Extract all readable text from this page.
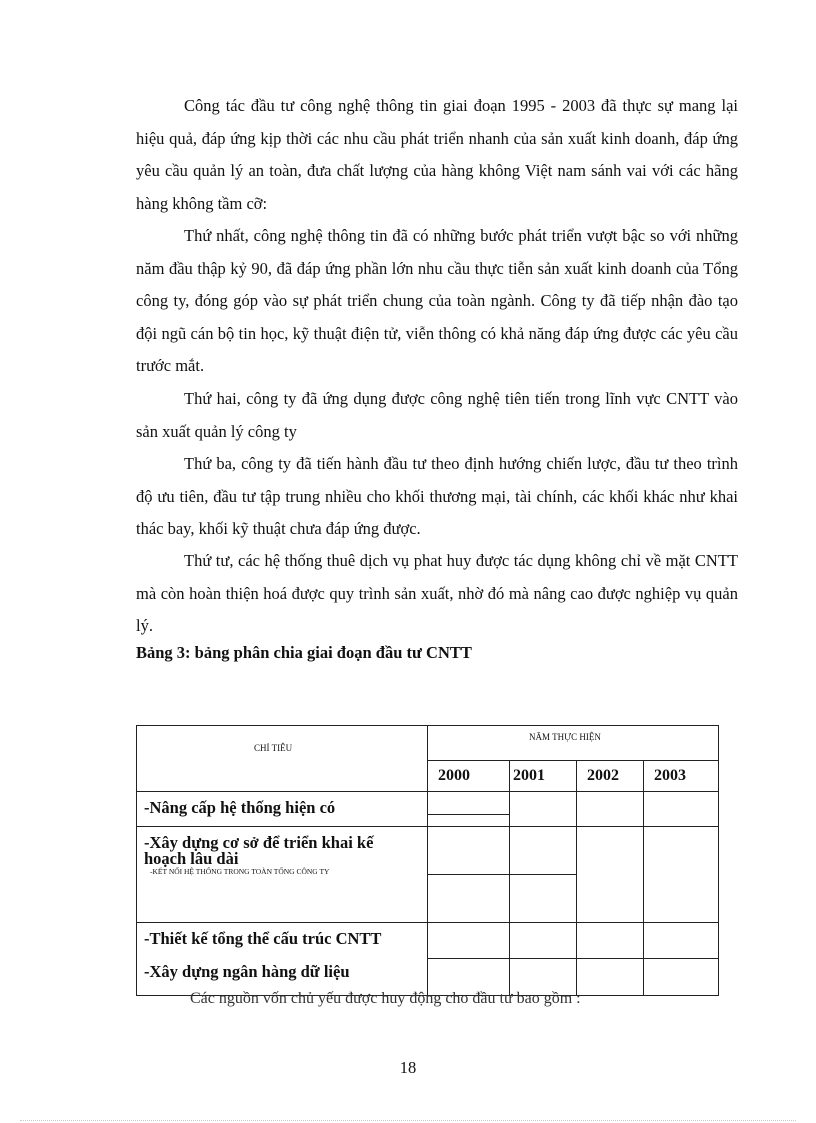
Công tác đầu tư công nghệ thông tin giai đoạn 1995 - 2003 đã thực sự mang lại hiệu quả, đáp ứng kịp thời các nhu cầu phát triển nhanh của sản xuất kinh doanh, đáp ứng yêu cầu quản lý an toàn, đưa chất lượng của hàng không Việt nam sánh vai với các hãng hàng không tầm cỡ:

Thứ nhất, công nghệ thông tin đã có những bước phát triển vượt bậc so với những năm đầu thập kỷ 90, đã đáp ứng phần lớn nhu cầu thực tiễn sản xuất kinh doanh của Tổng công ty, đóng góp vào sự phát triển chung của toàn ngành. Công ty đã tiếp nhận đào tạo đội ngũ cán bộ tin học, kỹ thuật điện tử, viễn thông có khả năng đáp ứng được các yêu cầu trước mắt.

Thứ hai, công ty đã ứng dụng được công nghệ tiên tiến trong lĩnh vực CNTT vào sản xuất quản lý công ty

Thứ ba, công ty đã tiến hành đầu tư theo định hướng chiến lược, đầu tư theo trình độ ưu tiên, đầu tư tập trung nhiều cho khối thương mại, tài chính, các khối khác như khai thác bay, khối kỹ thuật chưa đáp ứng được.

Thứ tư, các hệ thống thuê dịch vụ phat huy được tác dụng không chỉ về mặt CNTT mà còn hoàn thiện hoá được quy trình sản xuất, nhờ đó mà nâng cao được nghiệp vụ quản lý.

Bảng 3: bảng phân chia giai đoạn đầu tư CNTT

CHỈ TIÊU
NĂM THỰC HIỆN
2000	2001	2002 2003
-Nâng cấp hệ thống hiện có
-Xây dựng cơ sở để triển khai kế hoạch lâu dài
-KẾT NỐI HỆ THỐNG TRONG TOÀN TỔNG CÔNG TY
-Thiết kế tổng thể cấu trúc CNTT
-Xây dựng ngân hàng dữ liệu
Các nguồn vốn chủ yếu được huy động cho đầu tư bao gồm :
18
